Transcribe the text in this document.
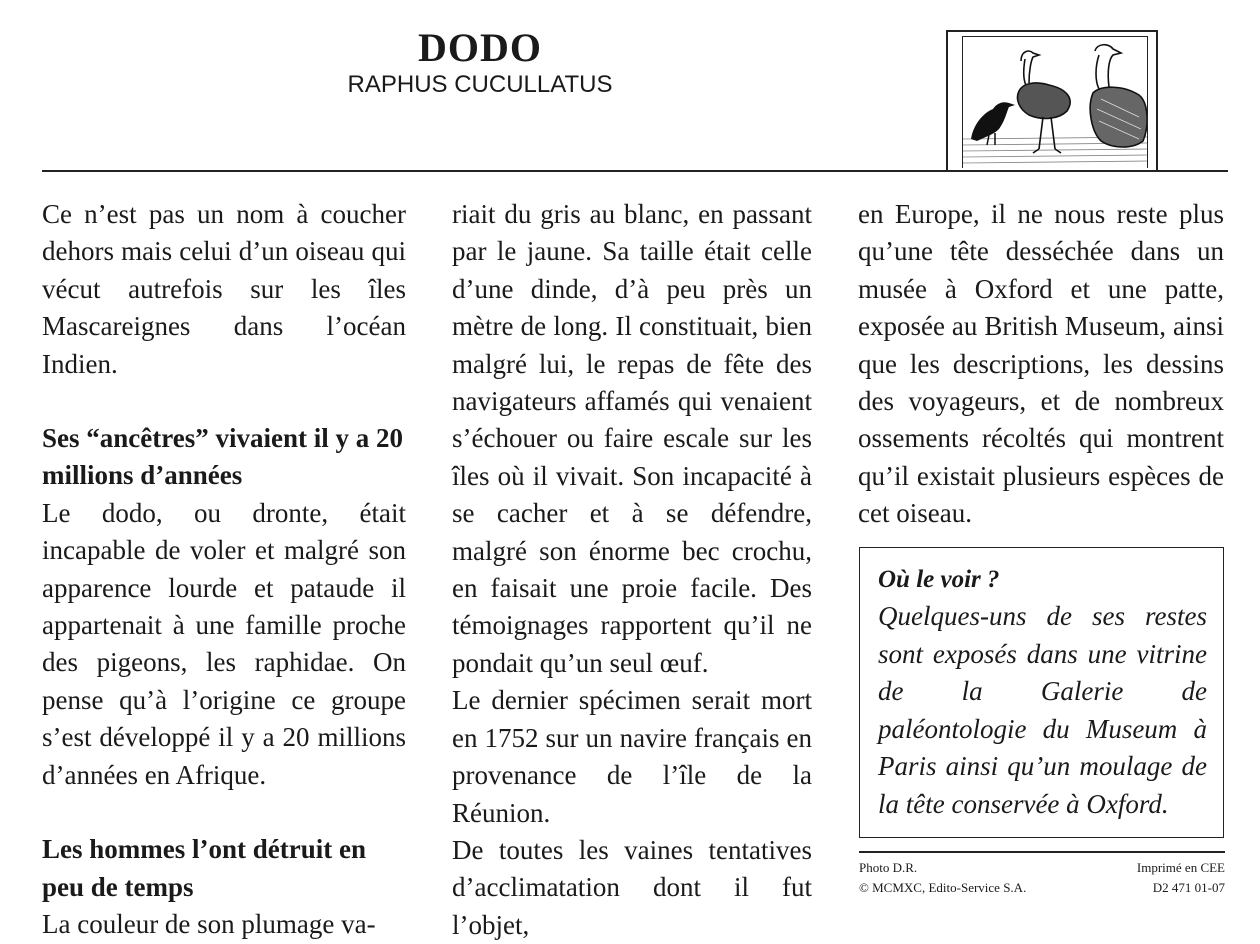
DODO
RAPHUS CUCULLATUS

Ce n’est pas un nom à coucher dehors mais celui d’un oiseau qui vécut autrefois sur les îles Mascareignes dans l’océan Indien.

Ses “ancêtres” vivaient il y a 20 millions d’années

Le dodo, ou dronte, était incapable de voler et malgré son apparence lourde et pataude il appartenait à une famille proche des pigeons, les raphidae. On pense qu’à l’origine ce groupe s’est développé il y a 20 millions d’années en Afrique.

Les hommes l’ont détruit en peu de temps

La couleur de son plumage va-

riait du gris au blanc, en passant par le jaune. Sa taille était celle d’une dinde, d’à peu près un mètre de long. Il constituait, bien malgré lui, le repas de fête des navigateurs affamés qui venaient s’échouer ou faire escale sur les îles où il vivait. Son incapacité à se cacher et à se défendre, malgré son énorme bec crochu, en faisait une proie facile. Des témoignages rapportent qu’il ne pondait qu’un seul œuf.

Le dernier spécimen serait mort en 1752 sur un navire français en provenance de l’île de la Réunion.

De toutes les vaines tentatives d’acclimatation dont il fut l’objet,

en Europe, il ne nous reste plus qu’une tête desséchée dans un musée à Oxford et une patte, exposée au British Museum, ainsi que les descriptions, les dessins des voyageurs, et de nombreux ossements récoltés qui montrent qu’il existait plusieurs espèces de cet oiseau.

Où le voir ?
Quelques-uns de ses restes sont exposés dans une vitrine de la Galerie de paléontologie du Museum à Paris ainsi qu’un moulage de la tête conservée à Oxford.
Photo D.R.
© MCMXC, Edito-Service S.A.
Imprimé en CEE
D2 471 01-07
